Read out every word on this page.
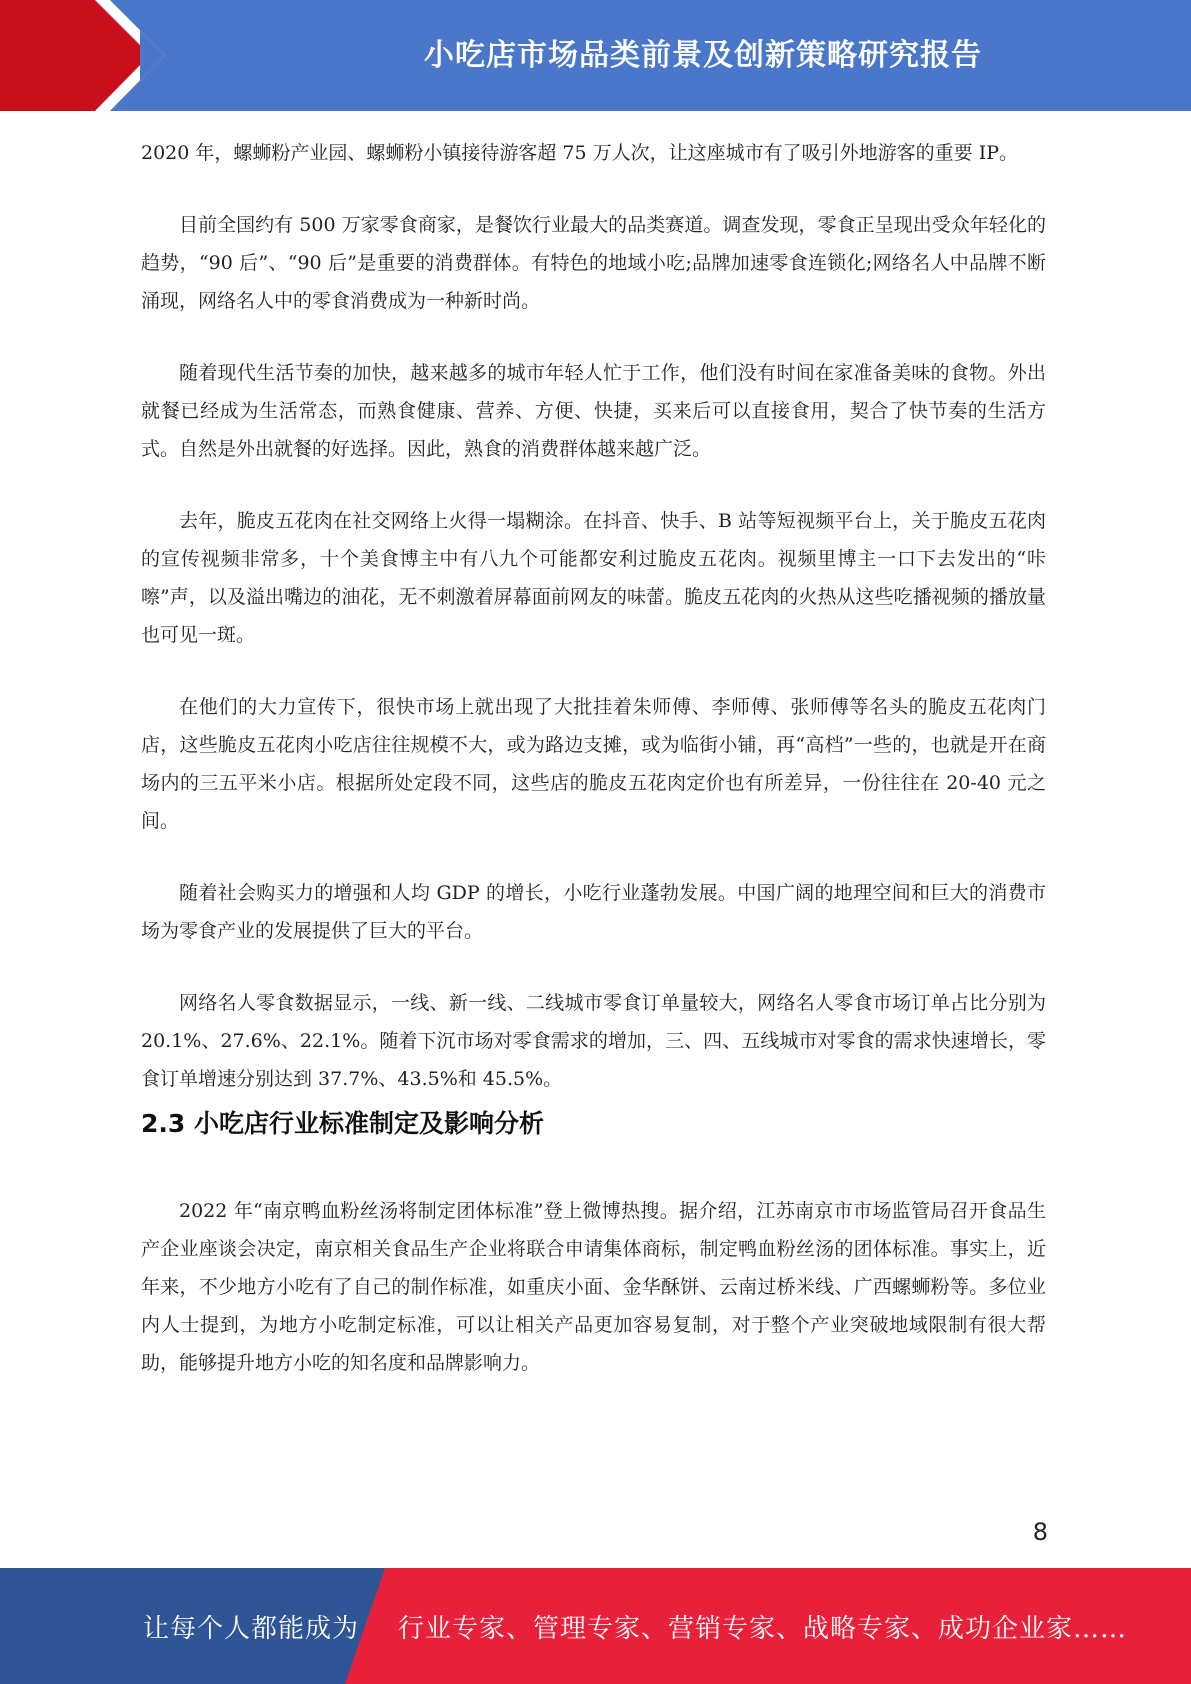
小吃店市场品类前景及创新策略研究报告

2020 年，螺蛳粉产业园、螺蛳粉小镇接待游客超 75 万人次，让这座城市有了吸引外地游客的重要 IP。

目前全国约有 500 万家零食商家，是餐饮行业最大的品类赛道。调查发现，零食正呈现出受众年轻化的趋势，“90 后”、“90 后”是重要的消费群体。有特色的地域小吃;品牌加速零食连锁化;网络名人中品牌不断涌现，网络名人中的零食消费成为一种新时尚。

随着现代生活节奏的加快，越来越多的城市年轻人忙于工作，他们没有时间在家准备美味的食物。外出就餐已经成为生活常态，而熟食健康、营养、方便、快捷，买来后可以直接食用，契合了快节奏的生活方式。自然是外出就餐的好选择。因此，熟食的消费群体越来越广泛。

去年，脆皮五花肉在社交网络上火得一塌糊涂。在抖音、快手、B 站等短视频平台上，关于脆皮五花肉的宣传视频非常多，十个美食博主中有八九个可能都安利过脆皮五花肉。视频里博主一口下去发出的“咔嚓”声，以及溢出嘴边的油花，无不刺激着屏幕面前网友的味蕾。脆皮五花肉的火热从这些吃播视频的播放量也可见一斑。

在他们的大力宣传下，很快市场上就出现了大批挂着朱师傅、李师傅、张师傅等名头的脆皮五花肉门店，这些脆皮五花肉小吃店往往规模不大，或为路边支摊，或为临街小铺，再“高档”一些的，也就是开在商场内的三五平米小店。根据所处定段不同，这些店的脆皮五花肉定价也有所差异，一份往往在 20-40 元之间。

随着社会购买力的增强和人均 GDP 的增长，小吃行业蓬勃发展。中国广阔的地理空间和巨大的消费市场为零食产业的发展提供了巨大的平台。

网络名人零食数据显示，一线、新一线、二线城市零食订单量较大，网络名人零食市场订单占比分别为 20.1%、27.6%、22.1%。随着下沉市场对零食需求的增加，三、四、五线城市对零食的需求快速增长，零食订单增速分别达到 37.7%、43.5%和 45.5%。

2.3 小吃店行业标准制定及影响分析

2022 年“南京鸭血粉丝汤将制定团体标准”登上微博热搜。据介绍，江苏南京市市场监管局召开食品生产企业座谈会决定，南京相关食品生产企业将联合申请集体商标，制定鸭血粉丝汤的团体标准。事实上，近年来，不少地方小吃有了自己的制作标准，如重庆小面、金华酥饼、云南过桥米线、广西螺蛳粉等。多位业内人士提到，为地方小吃制定标准，可以让相关产品更加容易复制，对于整个产业突破地域限制有很大帮助，能够提升地方小吃的知名度和品牌影响力。

8
让每个人都能成为 行业专家、管理专家、营销专家、战略专家、成功企业家……
